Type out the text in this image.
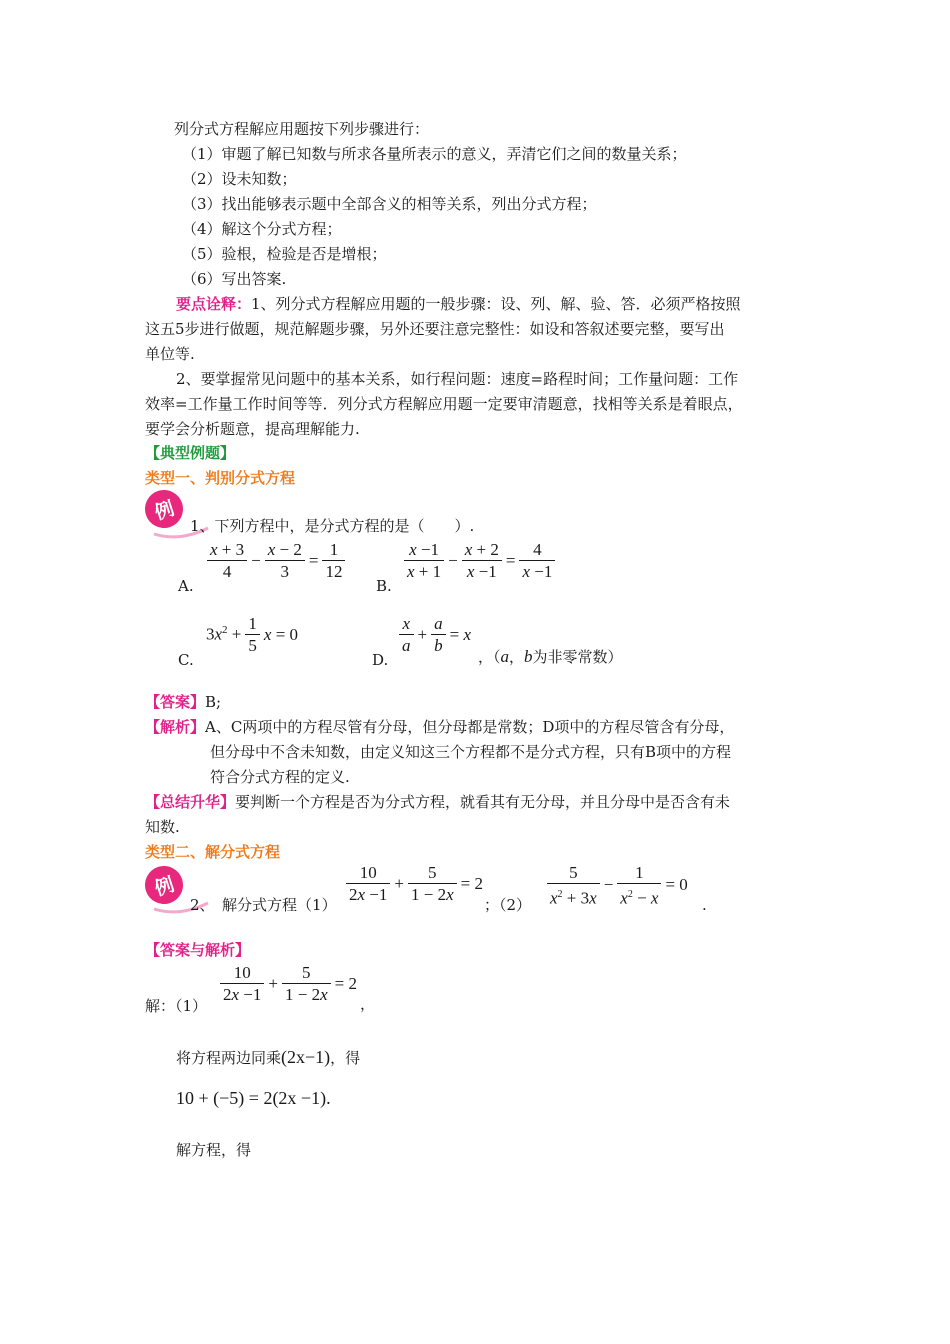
列分式方程解应用题按下列步骤进行：
（1）审题了解已知数与所求各量所表示的意义，弄清它们之间的数量关系；
（2）设未知数；
（3）找出能够表示题中全部含义的相等关系，列出分式方程；
（4）解这个分式方程；
（5）验根，检验是否是增根；
（6）写出答案.
要点诠释：1、列分式方程解应用题的一般步骤：设、列、解、验、答．必须严格按照
这五5步进行做题，规范解题步骤，另外还要注意完整性：如设和答叙述要完整，要写出
单位等.
2、要掌握常见问题中的基本关系，如行程问题：速度=路程时间；工作量问题：工作
效率=工作量工作时间等等．列分式方程解应用题一定要审清题意，找相等关系是着眼点，
要学会分析题意，提高理解能力.
【典型例题】
类型一、判别分式方程
例
1、下列方程中，是分式方程的是（　　）.
A.
$\frac{x + 3}{4} - \frac{x - 2}{3} = \frac{1}{12}$
B.
$\frac{x -1}{x + 1} - \frac{x + 2}{x -1} = \frac{4}{x -1}$
C.
$3x^2 + \frac{1}{5}$ x = 0
D.
$\frac{x}{a} + \frac{a}{b} = x$
，（a，b为非零常数）
【答案】B;
【解析】A、C两项中的方程尽管有分母，但分母都是常数；D项中的方程尽管含有分母，
但分母中不含未知数，由定义知这三个方程都不是分式方程，只有B项中的方程
符合分式方程的定义.
【总结升华】要判断一个方程是否为分式方程，就看其有无分母，并且分母中是否含有未
知数.
类型二、解分式方程
例
2、　解分式方程$(1) \frac{10}{2x -1} + \frac{5}{1 - 2x} = 2$
；$(2) \frac{5}{x^2 + 3x} - \frac{1}{x^2 - x} = 0$
.
【答案与解析】
解：（1）
$\frac{10}{2x -1} + \frac{5}{1 - 2x} = 2$
，
将方程两边同乘(2x−1)，得
10 + (−5) = 2(2x −1).
解方程，得
